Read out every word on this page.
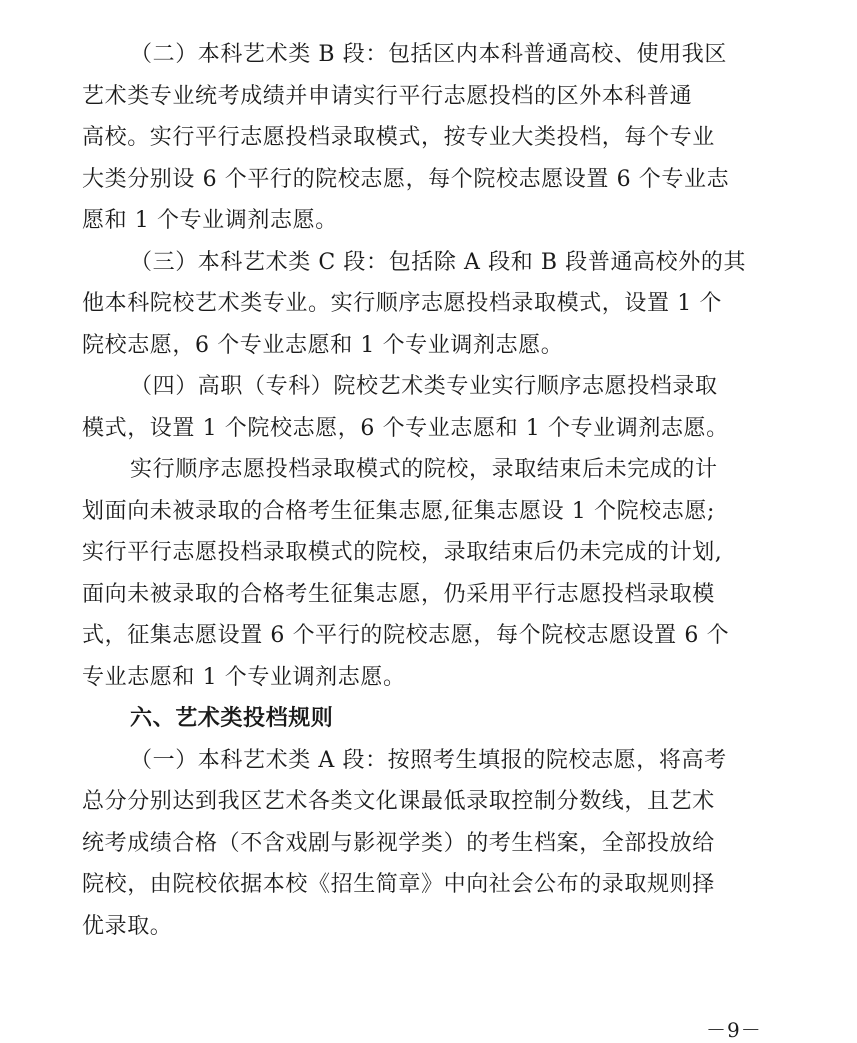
（二）本科艺术类 B 段：包括区内本科普通高校、使用我区
艺术类专业统考成绩并申请实行平行志愿投档的区外本科普通
高校。实行平行志愿投档录取模式，按专业大类投档，每个专业
大类分别设 6 个平行的院校志愿，每个院校志愿设置 6 个专业志
愿和 1 个专业调剂志愿。

（三）本科艺术类 C 段：包括除 A 段和 B 段普通高校外的其
他本科院校艺术类专业。实行顺序志愿投档录取模式，设置 1 个
院校志愿，6 个专业志愿和 1 个专业调剂志愿。

（四）高职（专科）院校艺术类专业实行顺序志愿投档录取
模式，设置 1 个院校志愿，6 个专业志愿和 1 个专业调剂志愿。

实行顺序志愿投档录取模式的院校，录取结束后未完成的计
划面向未被录取的合格考生征集志愿,征集志愿设 1 个院校志愿;
实行平行志愿投档录取模式的院校，录取结束后仍未完成的计划,
面向未被录取的合格考生征集志愿，仍采用平行志愿投档录取模
式，征集志愿设置 6 个平行的院校志愿，每个院校志愿设置 6 个
专业志愿和 1 个专业调剂志愿。

六、艺术类投档规则

（一）本科艺术类 A 段：按照考生填报的院校志愿，将高考
总分分别达到我区艺术各类文化课最低录取控制分数线，且艺术
统考成绩合格（不含戏剧与影视学类）的考生档案，全部投放给
院校，由院校依据本校《招生简章》中向社会公布的录取规则择
优录取。

－9－
